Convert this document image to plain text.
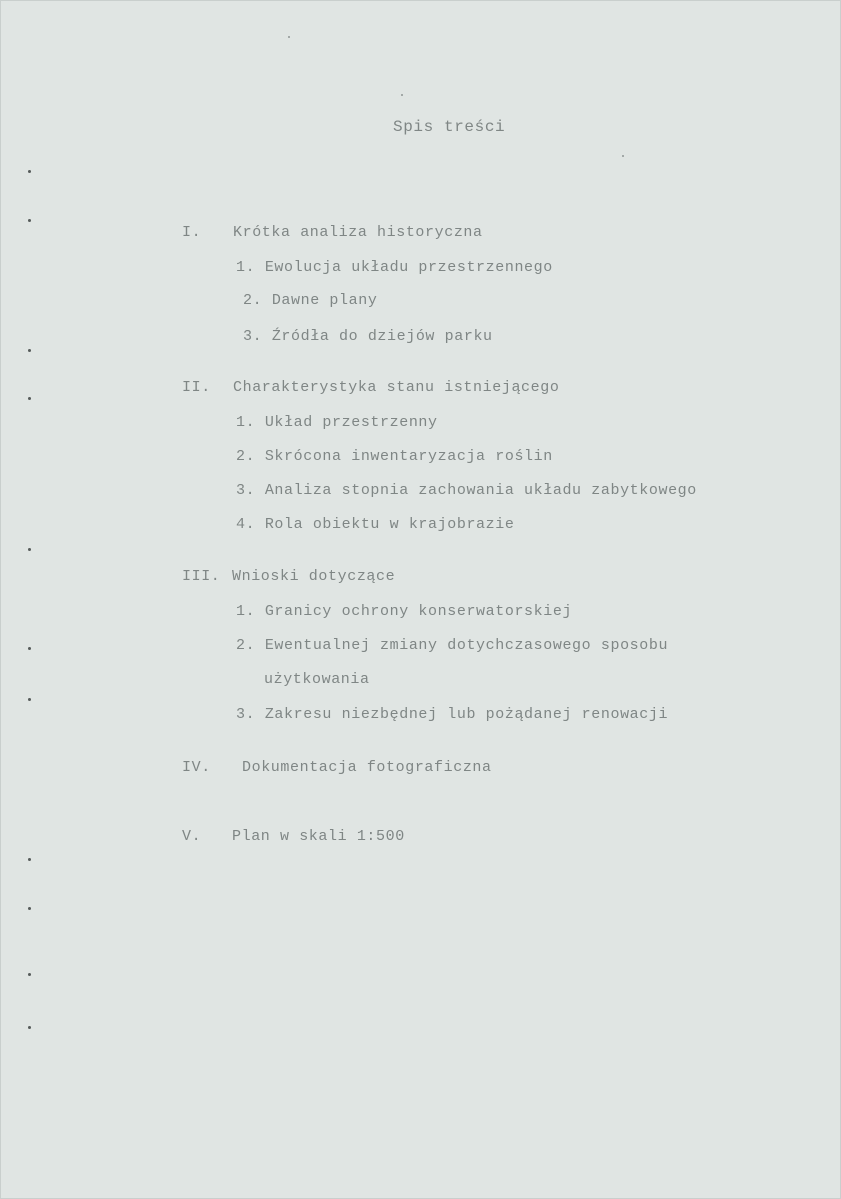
Spis treści
I. Krótka analiza historyczna
1. Ewolucja układu przestrzennego
2. Dawne plany
3. Źródła do dziejów parku
II. Charakterystyka stanu istniejącego
1. Układ przestrzenny
2. Skrócona inwentaryzacja roślin
3. Analiza stopnia zachowania układu zabytkowego
4. Rola obiektu w krajobrazie
III. Wnioski dotyczące
1. Granicy ochrony konserwatorskiej
2. Ewentualnej zmiany dotychczasowego sposobu
użytkowania
3. Zakresu niezbędnej lub pożądanej renowacji
IV. Dokumentacja fotograficzna
V. Plan w skali 1:500
